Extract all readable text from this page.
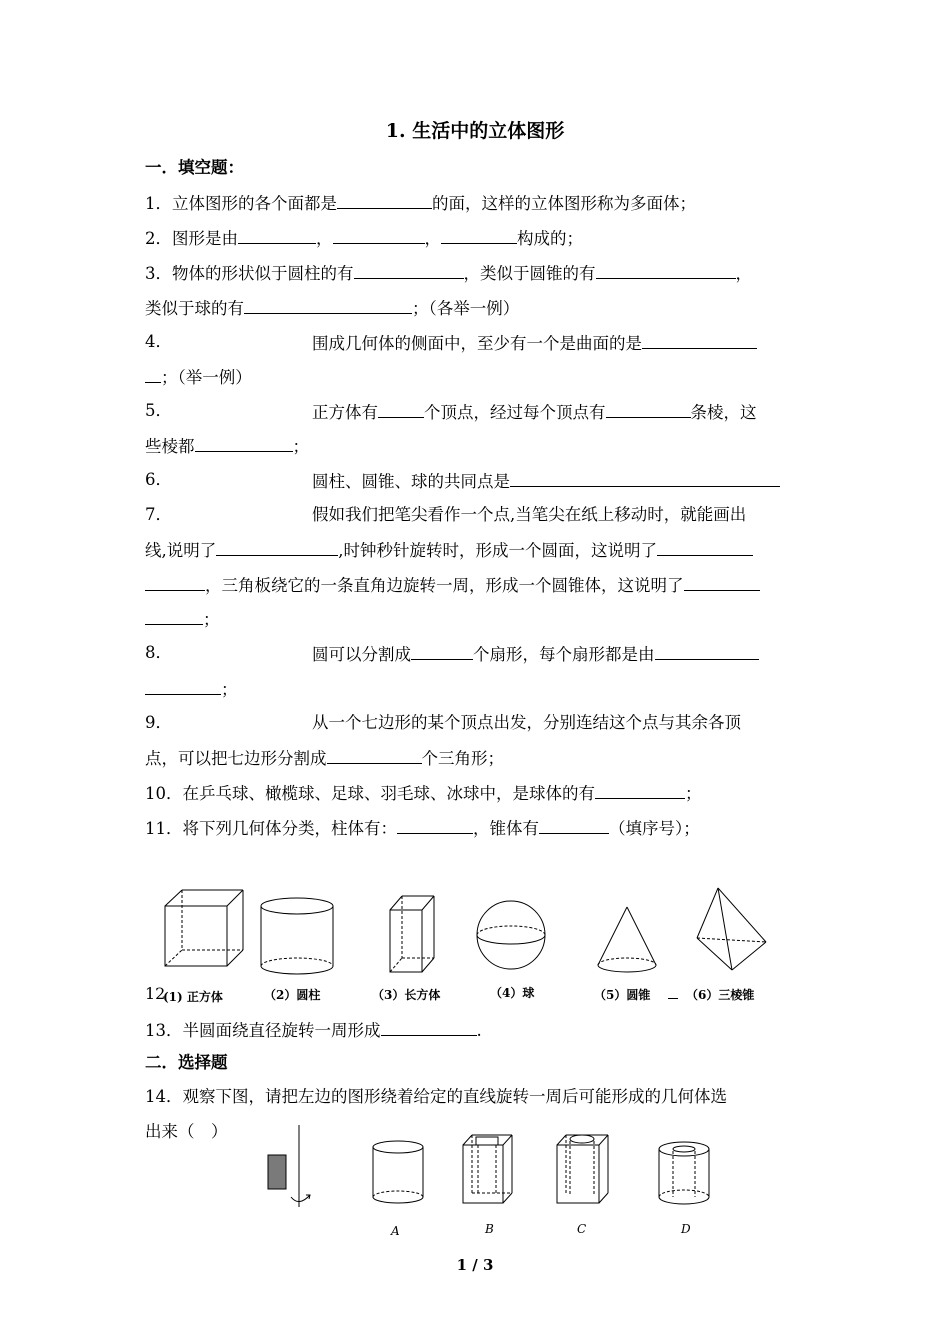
1. 生活中的立体图形
一．填空题：
1．立体图形的各个面都是	的面，这样的立体图形称为多面体；
2．图形是由	，	，	构成的；
3．物体的形状似于圆柱的有	，类似于圆锥的有	，
类似于球的有	；（各举一例）
4．	围成几何体的侧面中，至少有一个是曲面的是
；（举一例）
5．	正方体有	个顶点，经过每个顶点有	条棱，这
些棱都	；
6．	圆柱、圆锥、球的共同点是
7．	假如我们把笔尖看作一个点,当笔尖在纸上移动时，就能画出
线,说明了	,时钟秒针旋转时，形成一个圆面，这说明了
，三角板绕它的一条直角边旋转一周，形成一个圆锥体，这说明了
；
8．	圆可以分割成	个扇形，每个扇形都是由
；
9．	从一个七边形的某个顶点出发，分别连结这个点与其余各顶
点，可以把七边形分割成	个三角形；
10．在乒乓球、橄榄球、足球、羽毛球、冰球中，是球体的有	；
11．将下列几何体分类，柱体有：	，锥体有	（填序号）；
12
(1) 正方体	（2）圆柱	（3）长方体	（4）球	（5）圆锥	（6）三棱锥
13．半圆面绕直径旋转一周形成	.
二．选择题
14．观察下图，请把左边的图形绕着给定的直线旋转一周后可能形成的几何体选
出来（　）
A	B	C	D
1 / 3
